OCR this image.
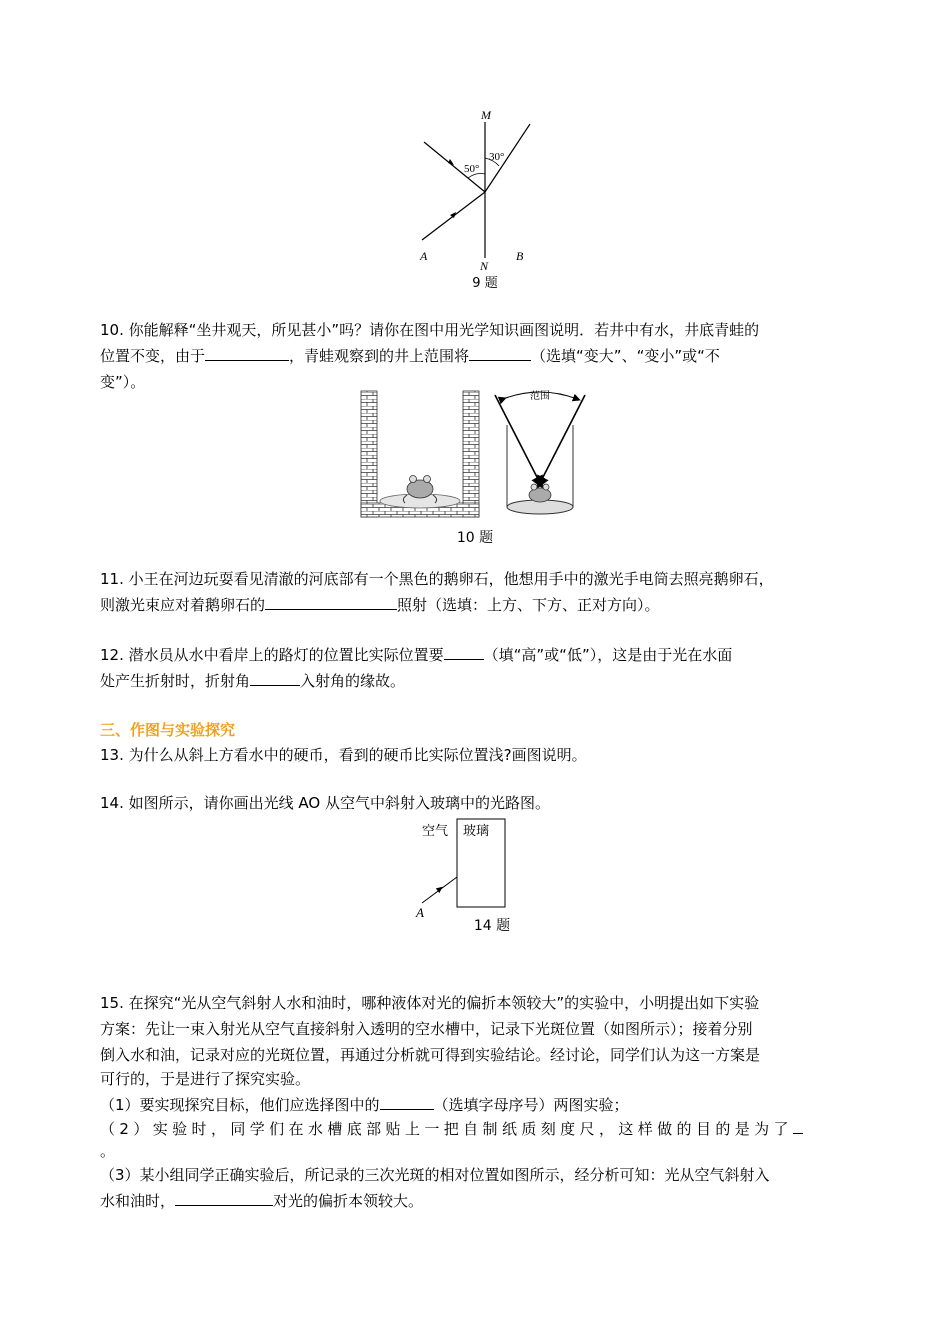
M
N
A	B
50°
30°
9 题

10. 你能解释“坐井观天，所见甚小”吗？请你在图中用光学知识画图说明．若井中有水，井底青蛙的

位置不变，由于	，青蛙观察到的井上范围将	（选填“变大”、“变小”或“不

变”）。

范围
10 题

11. 小王在河边玩耍看见清澈的河底部有一个黑色的鹅卵石，他想用手中的激光手电筒去照亮鹅卵石，

则激光束应对着鹅卵石的	照射（选填：上方、下方、正对方向）。

12. 潜水员从水中看岸上的路灯的位置比实际位置要	（填“高”或“低”），这是由于光在水面

处产生折射时，折射角	入射角的缘故。

三、作图与实验探究

13. 为什么从斜上方看水中的硬币，看到的硬币比实际位置浅?画图说明。

14. 如图所示，请你画出光线 AO 从空气中斜射入玻璃中的光路图。

A
空气 玻璃
14 题

15. 在探究“光从空气斜射人水和油时，哪种液体对光的偏折本领较大”的实验中，小明提出如下实验

方案：先让一束入射光从空气直接斜射入透明的空水槽中，记录下光斑位置（如图所示）；接着分别

倒入水和油，记录对应的光斑位置，再通过分析就可得到实验结论。经讨论，同学们认为这一方案是

可行的，于是进行了探究实验。

（1）要实现探究目标，他们应选择图中的	（选填字母序号）两图实验；

（2）实验时，同学们在水槽底部贴上一把自制纸质刻度尺，这样做的目的是为了

。

（3）某小组同学正确实验后，所记录的三次光斑的相对位置如图所示，经分析可知：光从空气斜射入

水和油时，	对光的偏折本领较大。
